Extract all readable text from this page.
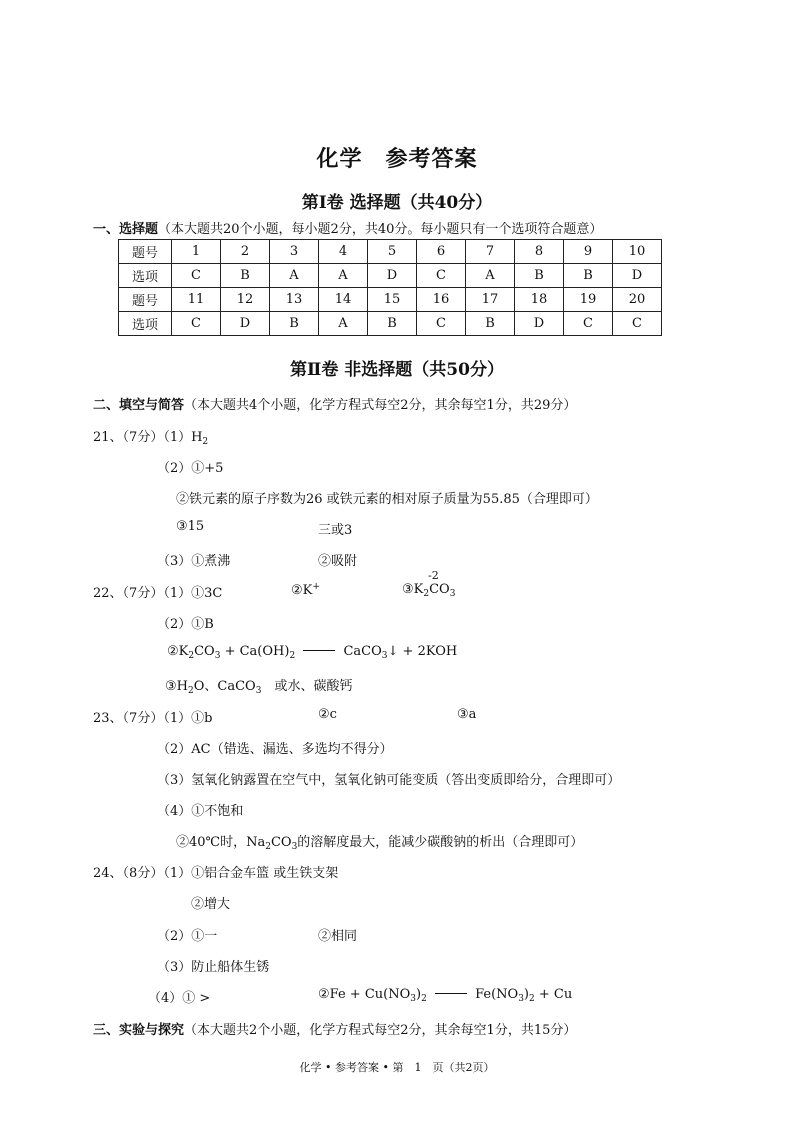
化学　参考答案
第Ⅰ卷 选择题（共40分）
一、选择题（本大题共20个小题，每小题2分，共40分。每小题只有一个选项符合题意）
题号	1	2	3	4	5	6	7	8	9	10
选项	C	B	A	A	D	C	A	B	B	D
题号	11	12	13	14	15	16	17	18	19	20
选项	C	D	B	A	B	C	B	D	C	C
第Ⅱ卷 非选择题（共50分）
二、填空与简答（本大题共4个小题，化学方程式每空2分，其余每空1分，共29分）
21、（7分）$(1)H_2$
（2）①+5
②铁元素的原子序数为26 或铁元素的相对原子质量为55.85（合理即可）
③15	三或3
（3）①煮沸	②吸附
22、（7分）（1）①3C	②K+
-2
$③K_2CO_3$
（2）①B
$②K_2CO_3 + Ca(OH)_2$	CaCO$_3$↓ + 2KOH
$③H_2O$、CaCO$_3$　或水、碳酸钙
23、（7分）（1）①b	②c	③a
（2）AC（错选、漏选、多选均不得分）
（3）氢氧化钠露置在空气中，氢氧化钠可能变质（答出变质即给分，合理即可）
（4）①不饱和
②40℃时，$Na_2CO_3$的溶解度最大，能减少碳酸钠的析出（合理即可）
24、（8分）（1）①铝合金车篮 或生铁支架
②增大
（2）①一	②相同
（3）防止船体生锈
（4）① >	②Fe + $Cu(NO_3)_2$	$Fe(NO_3)_2 + Cu$
三、实验与探究（本大题共2个小题，化学方程式每空2分，其余每空1分，共15分）
化学 • 参考答案 • 第　1　页（共2页）
